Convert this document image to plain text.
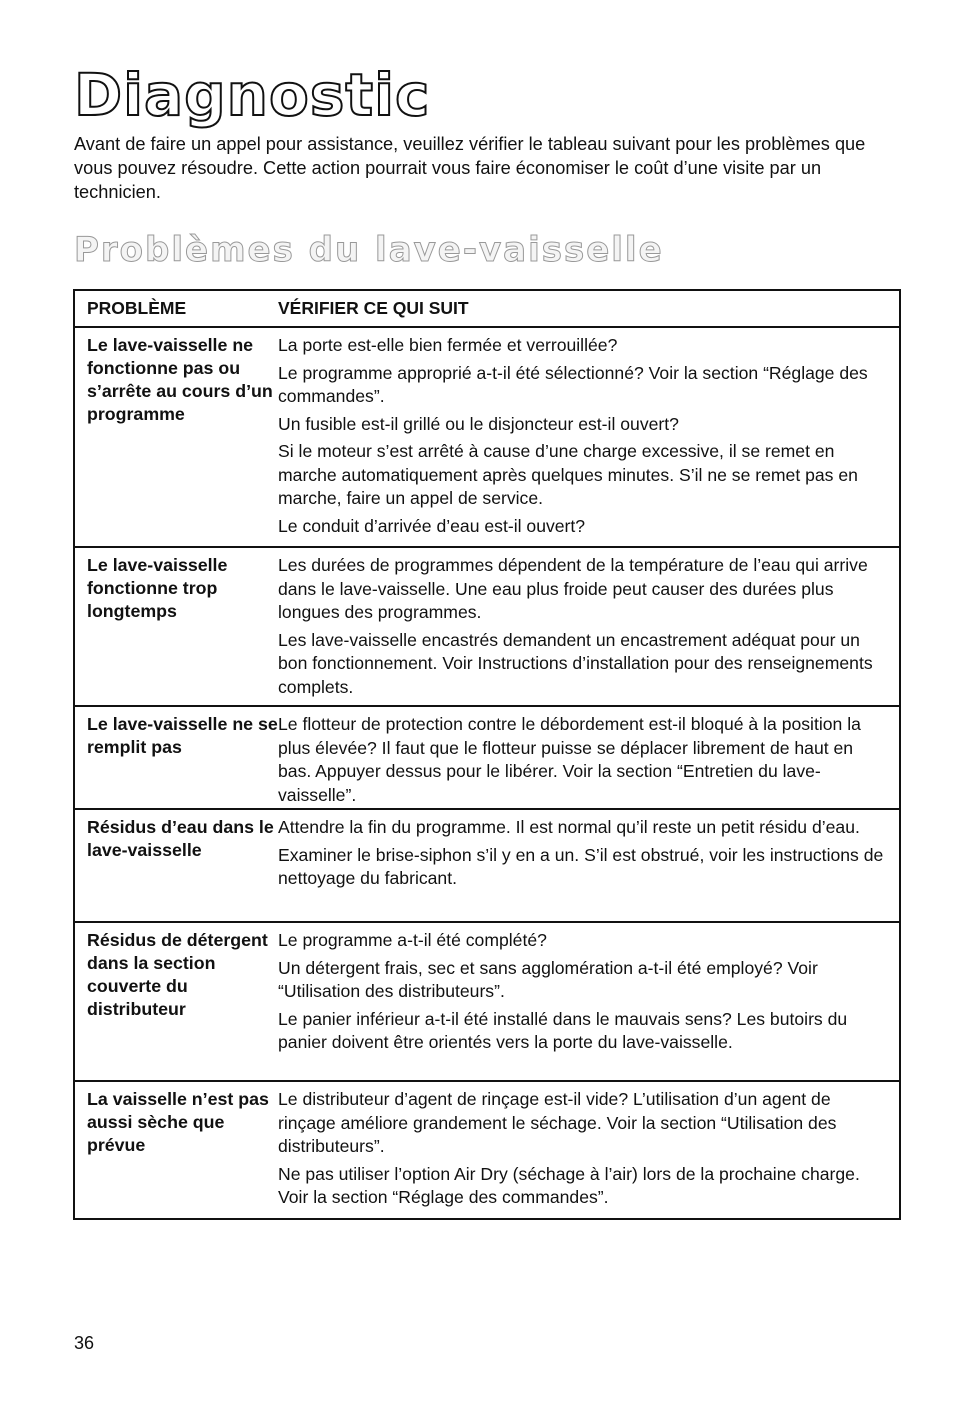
Diagnostic

Avant de faire un appel pour assistance, veuillez vérifier le tableau suivant pour les problèmes que vous pouvez résoudre. Cette action pourrait vous faire économiser le coût d’une visite par un technicien.

Problèmes du lave-vaisselle
PROBLÈME	VÉRIFIER CE QUI SUIT
Le lave-vaisselle ne fonctionne pas ou s’arrête au cours d’un programme

La porte est-elle bien fermée et verrouillée?

Le programme approprié a-t-il été sélectionné? Voir la section “Réglage des commandes”.

Un fusible est-il grillé ou le disjoncteur est-il ouvert?

Si le moteur s’est arrêté à cause d’une charge excessive, il se remet en marche automatiquement après quelques minutes. S’il ne se remet pas en marche, faire un appel de service.

Le conduit d’arrivée d’eau est-il ouvert?

Le lave-vaisselle fonctionne trop longtemps

Les durées de programmes dépendent de la température de l’eau qui arrive dans le lave-vaisselle. Une eau plus froide peut causer des durées plus longues des programmes.

Les lave-vaisselle encastrés demandent un encastrement adéquat pour un bon fonctionnement. Voir Instructions d’installation pour des renseignements complets.

Le lave-vaisselle ne se remplit pas

Le flotteur de protection contre le débordement est-il bloqué à la position la plus élevée? Il faut que le flotteur puisse se déplacer librement de haut en bas. Appuyer dessus pour le libérer. Voir la section “Entretien du lave-vaisselle”.

Résidus d’eau dans le lave-vaisselle

Attendre la fin du programme. Il est normal qu’il reste un petit résidu d’eau.

Examiner le brise-siphon s’il y en a un. S’il est obstrué, voir les instructions de nettoyage du fabricant.

Résidus de détergent dans la section couverte du distributeur

Le programme a-t-il été complété?

Un détergent frais, sec et sans agglomération a-t-il été employé? Voir “Utilisation des distributeurs”.

Le panier inférieur a-t-il été installé dans le mauvais sens? Les butoirs du panier doivent être orientés vers la porte du lave-vaisselle.

La vaisselle n’est pas aussi sèche que prévue

Le distributeur d’agent de rinçage est-il vide? L’utilisation d’un agent de rinçage améliore grandement le séchage. Voir la section “Utilisation des distributeurs”.

Ne pas utiliser l’option Air Dry (séchage à l’air) lors de la prochaine charge. Voir la section “Réglage des commandes”.

36
